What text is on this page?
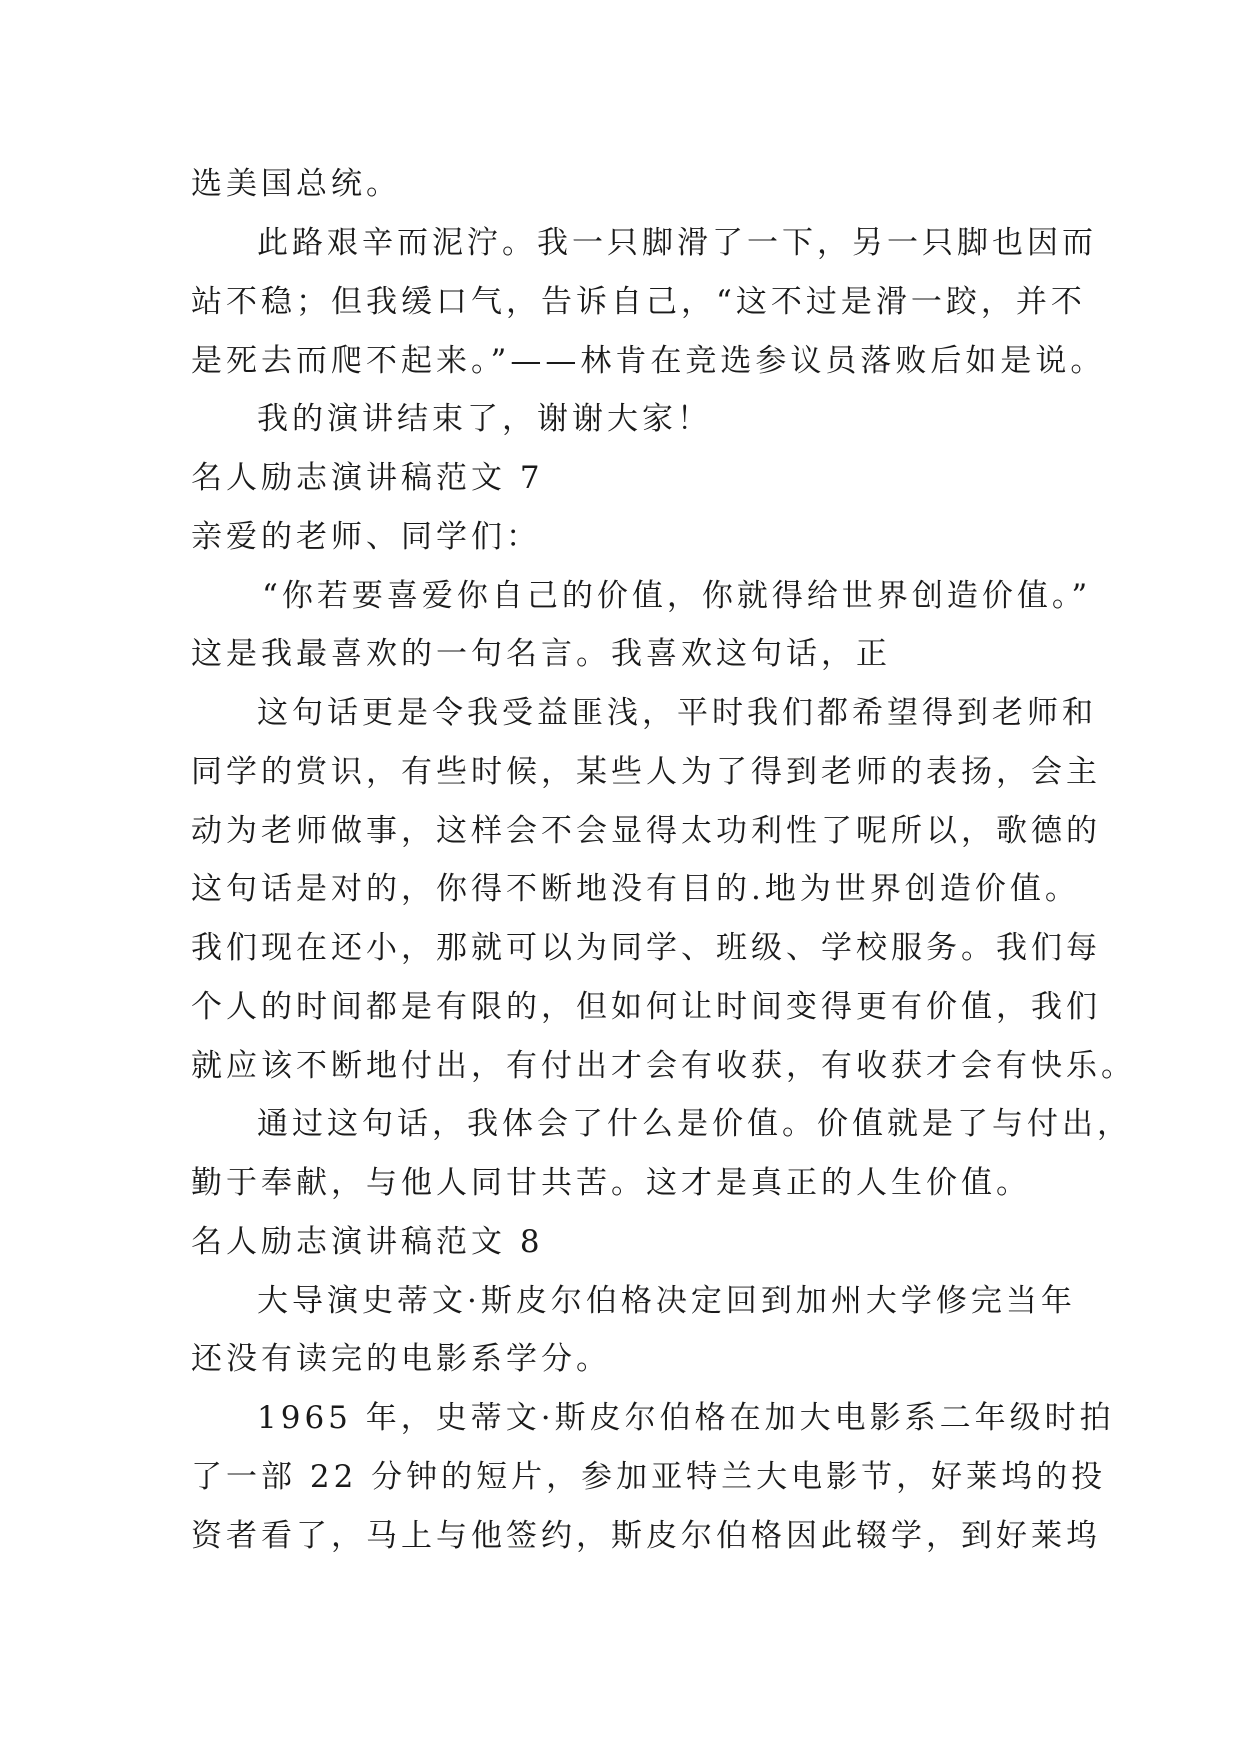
选美国总统。

此路艰辛而泥泞。我一只脚滑了一下，另一只脚也因而

站不稳；但我缓口气，告诉自己，“这不过是滑一跤，并不

是死去而爬不起来。”——林肯在竞选参议员落败后如是说。

我的演讲结束了，谢谢大家！

名人励志演讲稿范文 7

亲爱的老师、同学们：

“你若要喜爱你自己的价值，你就得给世界创造价值。”

这是我最喜欢的一句名言。我喜欢这句话，正

这句话更是令我受益匪浅，平时我们都希望得到老师和

同学的赏识，有些时候，某些人为了得到老师的表扬，会主

动为老师做事，这样会不会显得太功利性了呢所以，歌德的

这句话是对的，你得不断地没有目的.地为世界创造价值。

我们现在还小，那就可以为同学、班级、学校服务。我们每

个人的时间都是有限的，但如何让时间变得更有价值，我们

就应该不断地付出，有付出才会有收获，有收获才会有快乐。

通过这句话，我体会了什么是价值。价值就是了与付出，

勤于奉献，与他人同甘共苦。这才是真正的人生价值。

名人励志演讲稿范文 8

大导演史蒂文·斯皮尔伯格决定回到加州大学修完当年

还没有读完的电影系学分。

1965 年，史蒂文·斯皮尔伯格在加大电影系二年级时拍

了一部 22 分钟的短片，参加亚特兰大电影节，好莱坞的投

资者看了，马上与他签约，斯皮尔伯格因此辍学，到好莱坞
